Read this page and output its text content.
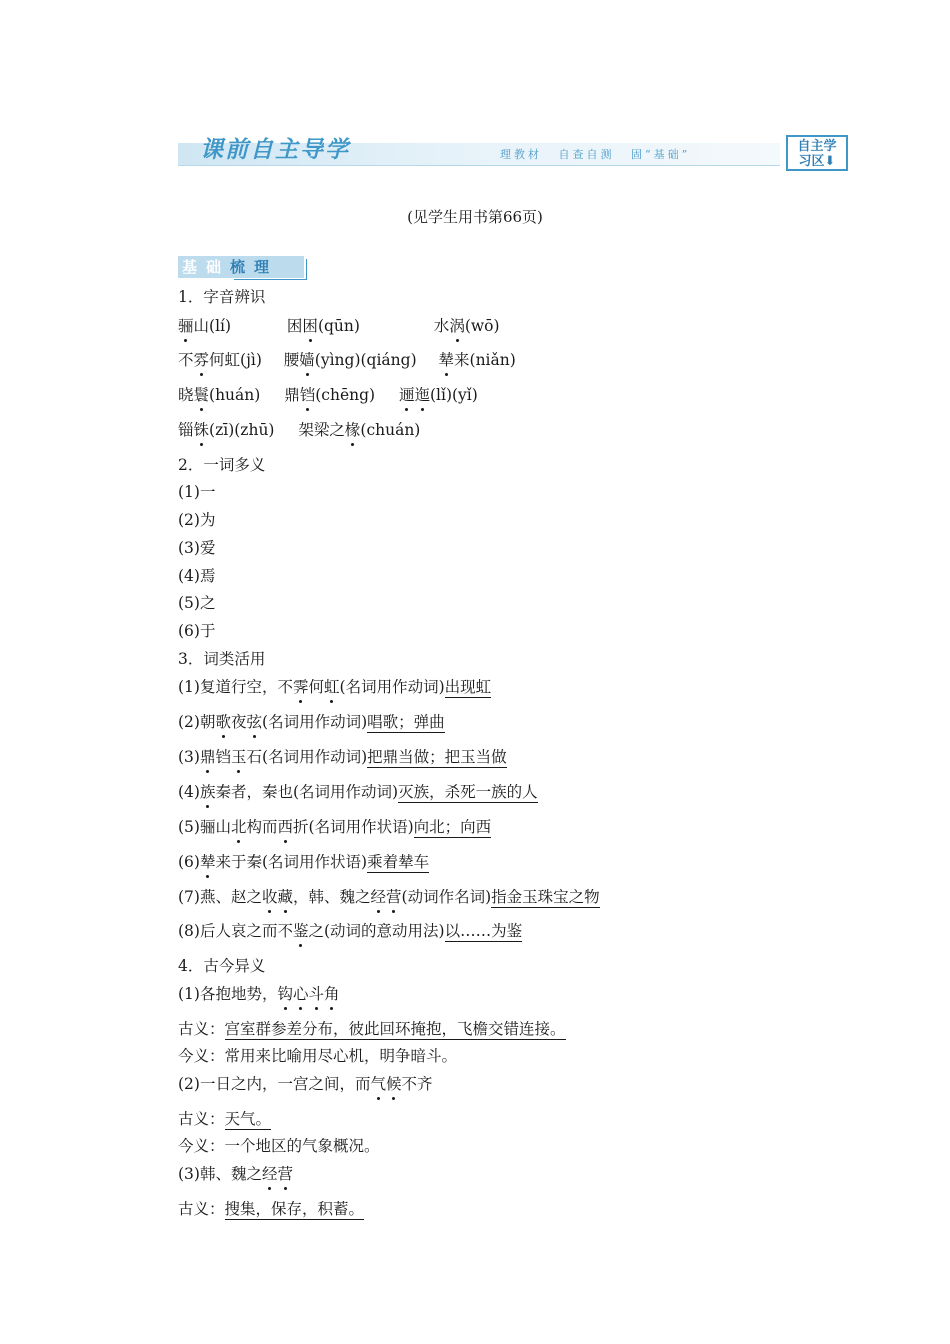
课前自主导学	理教材 自查自测 固“基础”
自主学
习区⬇
(见学生用书第66页)
基础梳理
1．字音辨识
骊山(lí)	困困(qūn)	水涡(wō)
不雰何虹(jì) 腰嫱(yìng)(qiáng) 辇来(niǎn)
晓鬟(huán) 鼎铛(chēng) 逦迤(lǐ)(yǐ)
锱铢(zī)(zhū) 架梁之椽(chuán)
2．一词多义
(1)一
(2)为
(3)爱
(4)焉
(5)之
(6)于
3．词类活用
(1)复道行空，不霁何虹(名词用作动词)出现虹
(2)朝歌夜弦(名词用作动词)唱歌；弹曲
(3)鼎铛玉石(名词用作动词)把鼎当做；把玉当做
(4)族秦者，秦也(名词用作动词)灭族，杀死一族的人
(5)骊山北构而西折(名词用作状语)向北；向西
(6)辇来于秦(名词用作状语)乘着辇车
(7)燕、赵之收藏，韩、魏之经营(动词作名词)指金玉珠宝之物
(8)后人哀之而不鉴之(动词的意动用法)以……为鉴
4．古今异义
(1)各抱地势，钩心斗角
古义：宫室群参差分布，彼此回环掩抱，飞檐交错连接。
今义：常用来比喻用尽心机，明争暗斗。
(2)一日之内，一宫之间，而气候不齐
古义：天气。
今义：一个地区的气象概况。
(3)韩、魏之经营
古义：搜集，保存，积蓄。
